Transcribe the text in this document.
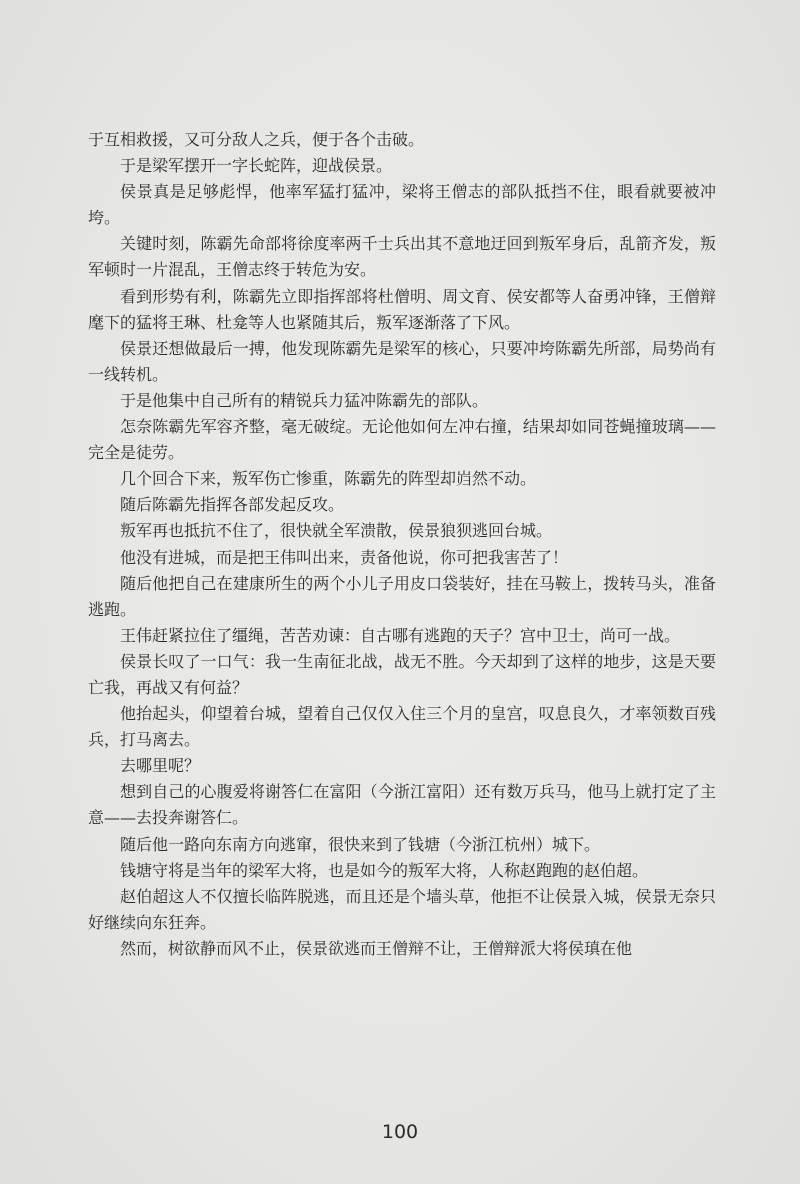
于互相救援，又可分敌人之兵，便于各个击破。

于是梁军摆开一字长蛇阵，迎战侯景。

侯景真是足够彪悍，他率军猛打猛冲，梁将王僧志的部队抵挡不住，眼看就要被冲垮。

关键时刻，陈霸先命部将徐度率两千士兵出其不意地迂回到叛军身后，乱箭齐发，叛军顿时一片混乱，王僧志终于转危为安。

看到形势有利，陈霸先立即指挥部将杜僧明、周文育、侯安都等人奋勇冲锋，王僧辩麾下的猛将王琳、杜龛等人也紧随其后，叛军逐渐落了下风。

侯景还想做最后一搏，他发现陈霸先是梁军的核心，只要冲垮陈霸先所部，局势尚有一线转机。

于是他集中自己所有的精锐兵力猛冲陈霸先的部队。

怎奈陈霸先军容齐整，毫无破绽。无论他如何左冲右撞，结果却如同苍蝇撞玻璃——完全是徒劳。

几个回合下来，叛军伤亡惨重，陈霸先的阵型却岿然不动。

随后陈霸先指挥各部发起反攻。

叛军再也抵抗不住了，很快就全军溃散，侯景狼狈逃回台城。

他没有进城，而是把王伟叫出来，责备他说，你可把我害苦了！

随后他把自己在建康所生的两个小儿子用皮口袋装好，挂在马鞍上，拨转马头，准备逃跑。

王伟赶紧拉住了缰绳，苦苦劝谏：自古哪有逃跑的天子？宫中卫士，尚可一战。

侯景长叹了一口气：我一生南征北战，战无不胜。今天却到了这样的地步，这是天要亡我，再战又有何益？

他抬起头，仰望着台城，望着自己仅仅入住三个月的皇宫，叹息良久，才率领数百残兵，打马离去。

去哪里呢？

想到自己的心腹爱将谢答仁在富阳（今浙江富阳）还有数万兵马，他马上就打定了主意——去投奔谢答仁。

随后他一路向东南方向逃窜，很快来到了钱塘（今浙江杭州）城下。

钱塘守将是当年的梁军大将，也是如今的叛军大将，人称赵跑跑的赵伯超。

赵伯超这人不仅擅长临阵脱逃，而且还是个墙头草，他拒不让侯景入城，侯景无奈只好继续向东狂奔。

然而，树欲静而风不止，侯景欲逃而王僧辩不让，王僧辩派大将侯瑱在他

100
